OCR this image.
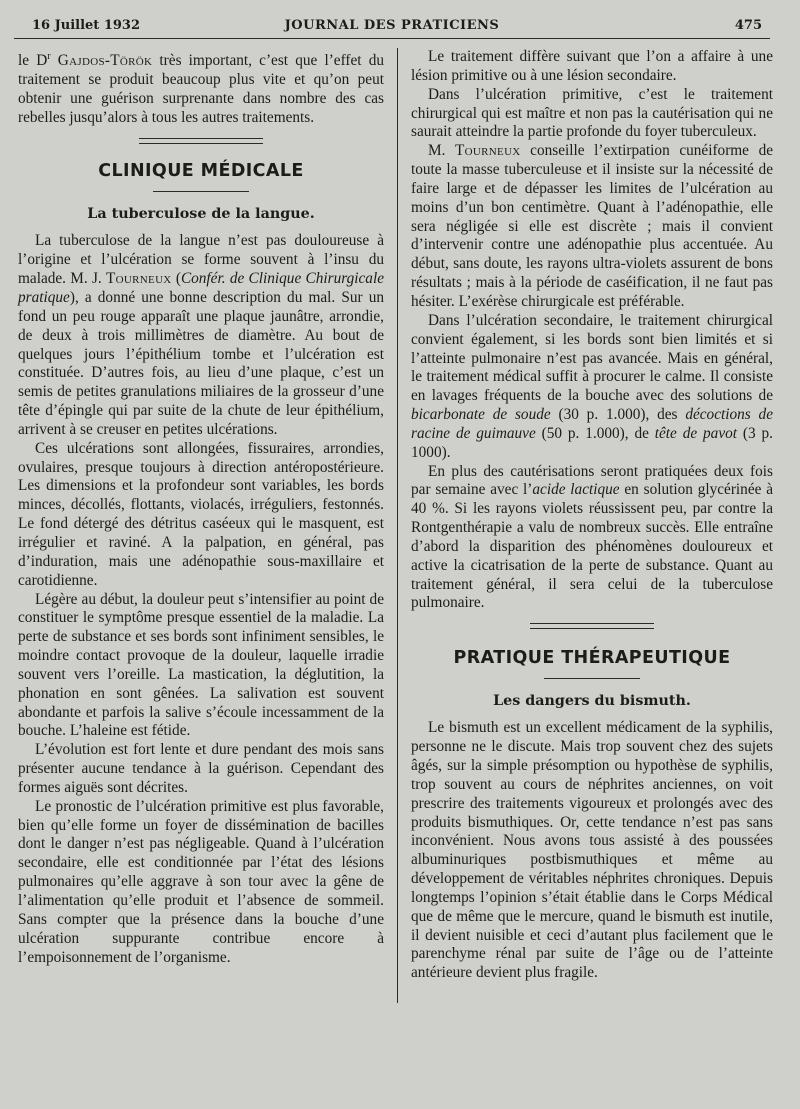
16 Juillet 1932	JOURNAL DES PRATICIENS	475

le $D^r$ Gajdos-Török très important, c’est que l’effet du traitement se produit beaucoup plus vite et qu’on peut obtenir une guérison surprenante dans nombre des cas rebelles jusqu’alors à tous les autres traitements.

CLINIQUE MÉDICALE
La tuberculose de la langue.

La tuberculose de la langue n’est pas douloureuse à l’origine et l’ulcération se forme souvent à l’insu du malade. M. J. Tourneux (Confér. de Clinique Chirurgicale pratique), a donné une bonne description du mal. Sur un fond un peu rouge apparaît une plaque jaunâtre, arrondie, de deux à trois millimètres de diamètre. Au bout de quelques jours l’épithélium tombe et l’ulcération est constituée. D’autres fois, au lieu d’une plaque, c’est un semis de petites granulations miliaires de la grosseur d’une tête d’épingle qui par suite de la chute de leur épithélium, arrivent à se creuser en petites ulcérations.

Ces ulcérations sont allongées, fissuraires, arrondies, ovulaires, presque toujours à direction antéropostérieure. Les dimensions et la profondeur sont variables, les bords minces, décollés, flottants, violacés, irréguliers, festonnés. Le fond détergé des détritus caséeux qui le masquent, est irrégulier et raviné. A la palpation, en général, pas d’induration, mais une adénopathie sous-maxillaire et carotidienne.

Légère au début, la douleur peut s’intensifier au point de constituer le symptôme presque essentiel de la maladie. La perte de substance et ses bords sont infiniment sensibles, le moindre contact provoque de la douleur, laquelle irradie souvent vers l’oreille. La mastication, la déglutition, la phonation en sont gênées. La salivation est souvent abondante et parfois la salive s’écoule incessamment de la bouche. L’haleine est fétide.

L’évolution est fort lente et dure pendant des mois sans présenter aucune tendance à la guérison. Cependant des formes aiguës sont décrites.

Le pronostic de l’ulcération primitive est plus favorable, bien qu’elle forme un foyer de dissémination de bacilles dont le danger n’est pas négligeable. Quand à l’ulcération secondaire, elle est conditionnée par l’état des lésions pulmonaires qu’elle aggrave à son tour avec la gêne de l’alimentation qu’elle produit et l’absence de sommeil. Sans compter que la présence dans la bouche d’une ulcération suppurante contribue encore à l’empoisonnement de l’organisme.

Le traitement diffère suivant que l’on a affaire à une lésion primitive ou à une lésion secondaire.

Dans l’ulcération primitive, c’est le traitement chirurgical qui est maître et non pas la cautérisation qui ne saurait atteindre la partie profonde du foyer tuberculeux.

M. Tourneux conseille l’extirpation cunéiforme de toute la masse tuberculeuse et il insiste sur la nécessité de faire large et de dépasser les limites de l’ulcération au moins d’un bon centimètre. Quant à l’adénopathie, elle sera négligée si elle est discrète ; mais il convient d’intervenir contre une adénopathie plus accentuée. Au début, sans doute, les rayons ultra-violets assurent de bons résultats ; mais à la période de caséification, il ne faut pas hésiter. L’exérèse chirurgicale est préférable.

Dans l’ulcération secondaire, le traitement chirurgical convient également, si les bords sont bien limités et si l’atteinte pulmonaire n’est pas avancée. Mais en général, le traitement médical suffit à procurer le calme. Il consiste en lavages fréquents de la bouche avec des solutions de bicarbonate de soude (30 p. 1.000), des décoctions de racine de guimauve (50 p. 1.000), de tête de pavot (3 p. 1000).

En plus des cautérisations seront pratiquées deux fois par semaine avec l’acide lactique en solution glycérinée à 40 %. Si les rayons violets réussissent peu, par contre la Rontgenthérapie a valu de nombreux succès. Elle entraîne d’abord la disparition des phénomènes douloureux et active la cicatrisation de la perte de substance. Quant au traitement général, il sera celui de la tuberculose pulmonaire.

PRATIQUE THÉRAPEUTIQUE
Les dangers du bismuth.

Le bismuth est un excellent médicament de la syphilis, personne ne le discute. Mais trop souvent chez des sujets âgés, sur la simple présomption ou hypothèse de syphilis, trop souvent au cours de néphrites anciennes, on voit prescrire des traitements vigoureux et prolongés avec des produits bismuthiques. Or, cette tendance n’est pas sans inconvénient. Nous avons tous assisté à des poussées albuminuriques postbismuthiques et même au développement de véritables néphrites chroniques. Depuis longtemps l’opinion s’était établie dans le Corps Médical que de même que le mercure, quand le bismuth est inutile, il devient nuisible et ceci d’autant plus facilement que le parenchyme rénal par suite de l’âge ou de l’atteinte antérieure devient plus fragile.
